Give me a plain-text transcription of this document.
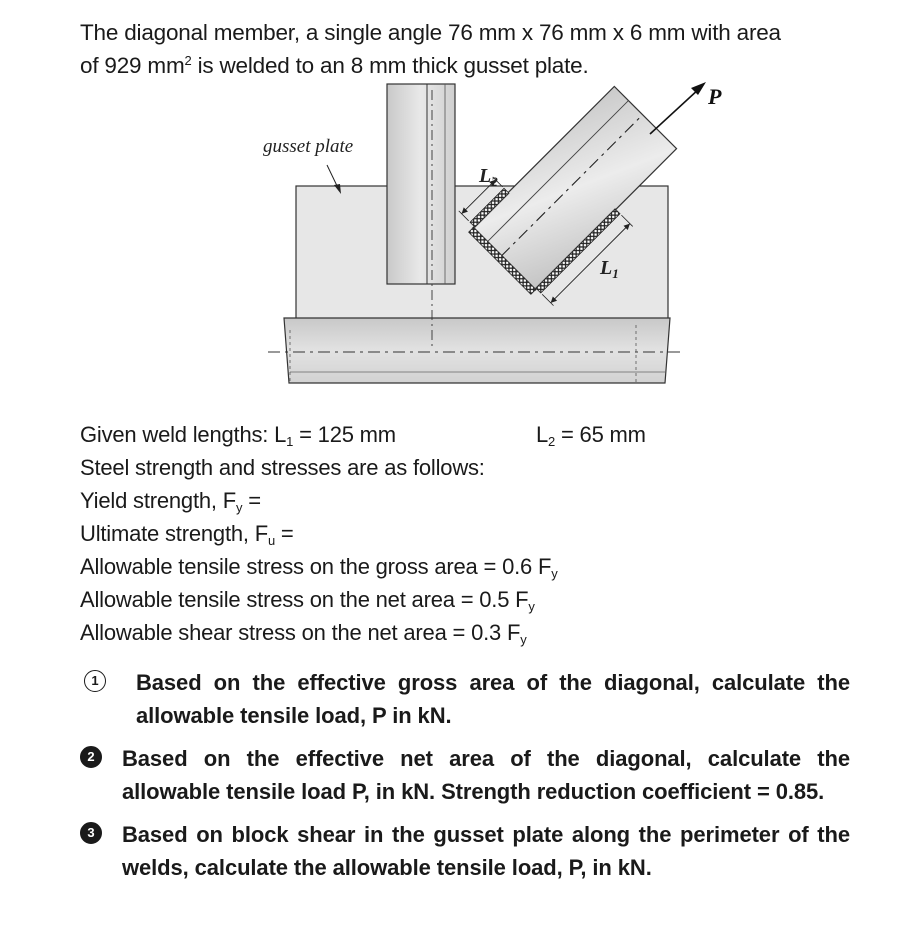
The diagonal member, a single angle 76 mm x 76 mm x 6 mm with area
of 929 $mm^2$ is welded to an 8 mm thick gusset plate.
P
gusset plate
$L_2$
$L_1$
Given weld lengths: $L_1 = 125$ mm	$L_2 = 65$ mm
Steel strength and stresses are as follows:
Yield strength, $F_y$ =
Ultimate strength, $F_u$ =
Allowable tensile stress on the gross area = 0.6 $F_y$
Allowable tensile stress on the net area = 0.5 $F_y$
Allowable shear stress on the net area = 0.3 $F_y$
1	Based on the effective gross area of the diagonal, calculate the allowable tensile load, P in kN.
2	Based on the effective net area of the diagonal, calculate the allowable tensile load P, in kN. Strength reduction coefficient = 0.85.
3	Based on block shear in the gusset plate along the perimeter of the welds, calculate the allowable tensile load, P, in kN.
